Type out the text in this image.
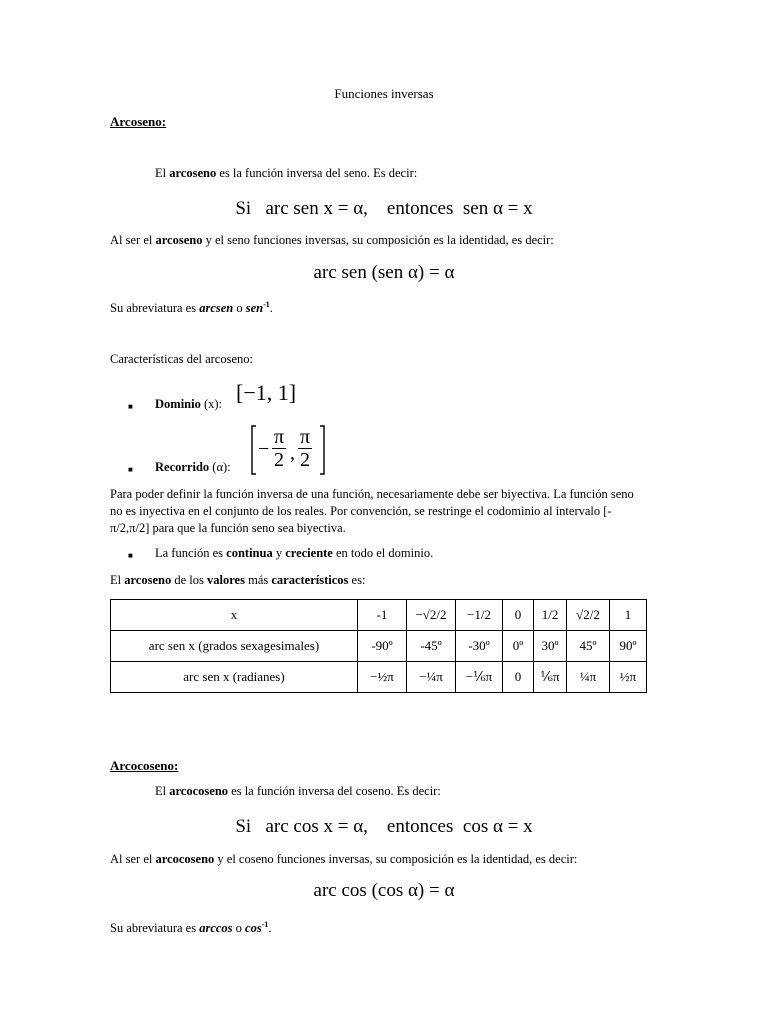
Funciones inversas
Arcoseno:
El arcoseno es la función inversa del seno. Es decir:
Si arc sen x = α, entonces sen α = x
Al ser el arcoseno y el seno funciones inversas, su composición es la identidad, es decir:
arc sen (sen α) = α
Su abreviatura es arcsen o sen$^{-1}$.
Características del arcoseno:
■ Dominio (x): [−1, 1]
■ Recorrido (α):
− $\frac{\pi}{2}$ , $\frac{\pi}{2}$
Para poder definir la función inversa de una función, necesariamente debe ser biyectiva. La función seno no es inyectiva en el conjunto de los reales. Por convención, se restringe el codominio al intervalo [-π/2,π/2] para que la función seno sea biyectiva.
■ La función es continua y creciente en todo el dominio.
El arcoseno de los valores más característicos es:
x	-1	−√2/2	−1/2	0	1/2	√2/2	1
arc sen x (grados sexagesimales)	-90º	-45º	-30º	0º	30º	45º	90º
arc sen x (radianes)	−½π	−¼π	−⅙π	0	⅙π	¼π	½π
Arcocoseno:
El arcocoseno es la función inversa del coseno. Es decir:
Si arc cos x = α, entonces cos α = x
Al ser el arcocoseno y el coseno funciones inversas, su composición es la identidad, es decir:
arc cos (cos α) = α
Su abreviatura es arccos o $\cos^{-1}$.
